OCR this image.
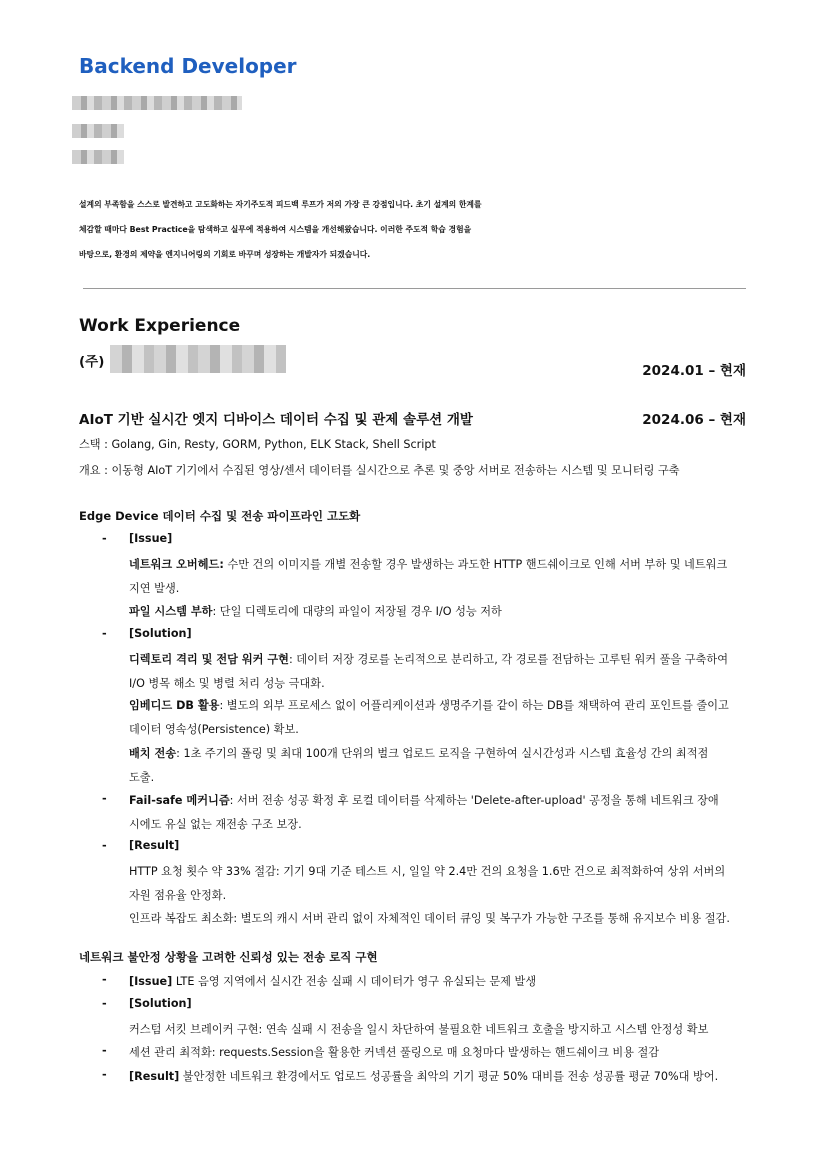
Backend Developer
설계의 부족함을 스스로 발견하고 고도화하는 자기주도적 피드백 루프가 저의 가장 큰 강점입니다. 초기 설계의 한계를
체감할 때마다 Best Practice을 탐색하고 실무에 적용하여 시스템을 개선해왔습니다. 이러한 주도적 학습 경험을
바탕으로, 환경의 제약을 엔지니어링의 기회로 바꾸며 성장하는 개발자가 되겠습니다.
Work Experience
(주)
2024.01 – 현재
AIoT 기반 실시간 엣지 디바이스 데이터 수집 및 관제 솔루션 개발	2024.06 – 현재
스택 : Golang, Gin, Resty, GORM, Python, ELK Stack, Shell Script
개요 : 이동형 AIoT 기기에서 수집된 영상/센서 데이터를 실시간으로 추론 및 중앙 서버로 전송하는 시스템 및 모니터링 구축
Edge Device 데이터 수집 및 전송 파이프라인 고도화
- [Issue]
네트워크 오버헤드: 수만 건의 이미지를 개별 전송할 경우 발생하는 과도한 HTTP 핸드쉐이크로 인해 서버 부하 및 네트워크
지연 발생.
파일 시스템 부하: 단일 디렉토리에 대량의 파일이 저장될 경우 I/O 성능 저하
- [Solution]
디렉토리 격리 및 전담 워커 구현: 데이터 저장 경로를 논리적으로 분리하고, 각 경로를 전담하는 고루틴 워커 풀을 구축하여
I/O 병목 해소 및 병렬 처리 성능 극대화.
임베디드 DB 활용: 별도의 외부 프로세스 없이 어플리케이션과 생명주기를 같이 하는 DB를 채택하여 관리 포인트를 줄이고
데이터 영속성(Persistence) 확보.
배치 전송: 1초 주기의 폴링 및 최대 100개 단위의 벌크 업로드 로직을 구현하여 실시간성과 시스템 효율성 간의 최적점
도출.
- Fail-safe 메커니즘: 서버 전송 성공 확정 후 로컬 데이터를 삭제하는 'Delete-after-upload' 공정을 통해 네트워크 장애
시에도 유실 없는 재전송 구조 보장.
- [Result]
HTTP 요청 횟수 약 33% 절감: 기기 9대 기준 테스트 시, 일일 약 2.4만 건의 요청을 1.6만 건으로 최적화하여 상위 서버의
자원 점유율 안정화.
인프라 복잡도 최소화: 별도의 캐시 서버 관리 없이 자체적인 데이터 큐잉 및 복구가 가능한 구조를 통해 유지보수 비용 절감.
네트워크 불안정 상황을 고려한 신뢰성 있는 전송 로직 구현
- [Issue] LTE 음영 지역에서 실시간 전송 실패 시 데이터가 영구 유실되는 문제 발생
- [Solution]
커스텀 서킷 브레이커 구현: 연속 실패 시 전송을 일시 차단하여 불필요한 네트워크 호출을 방지하고 시스템 안정성 확보
- 세션 관리 최적화: requests.Session을 활용한 커넥션 풀링으로 매 요청마다 발생하는 핸드쉐이크 비용 절감
- [Result] 불안정한 네트워크 환경에서도 업로드 성공률을 최악의 기기 평균 50% 대비를 전송 성공률 평균 70%대 방어.
